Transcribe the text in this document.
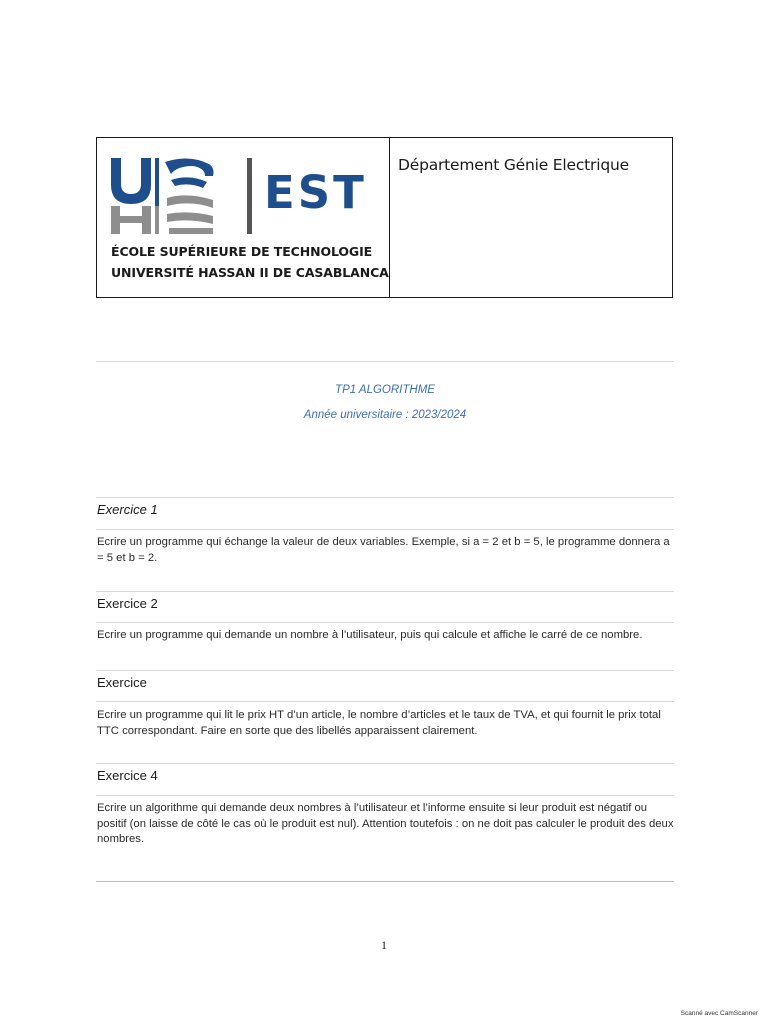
EST
ÉCOLE SUPÉRIEURE DE TECHNOLOGIE
UNIVERSITÉ HASSAN II DE CASABLANCA
Département Génie Electrique
TP1 ALGORITHME
Année universitaire : 2023/2024
Exercice 1
Ecrire un programme qui échange la valeur de deux variables. Exemple, si a = 2 et b = 5, le programme donnera a = 5 et b = 2.
Exercice 2
Ecrire un programme qui demande un nombre à l’utilisateur, puis qui calcule et affiche le carré de ce nombre.
Exercice
Ecrire un programme qui lit le prix HT d’un article, le nombre d’articles et le taux de TVA, et qui fournit le prix total TTC correspondant. Faire en sorte que des libellés apparaissent clairement.
Exercice 4
Ecrire un algorithme qui demande deux nombres à l’utilisateur et l’informe ensuite si leur produit est négatif ou positif (on laisse de côté le cas où le produit est nul). Attention toutefois : on ne doit pas calculer le produit des deux nombres.
1
Scanné avec CamScanner
